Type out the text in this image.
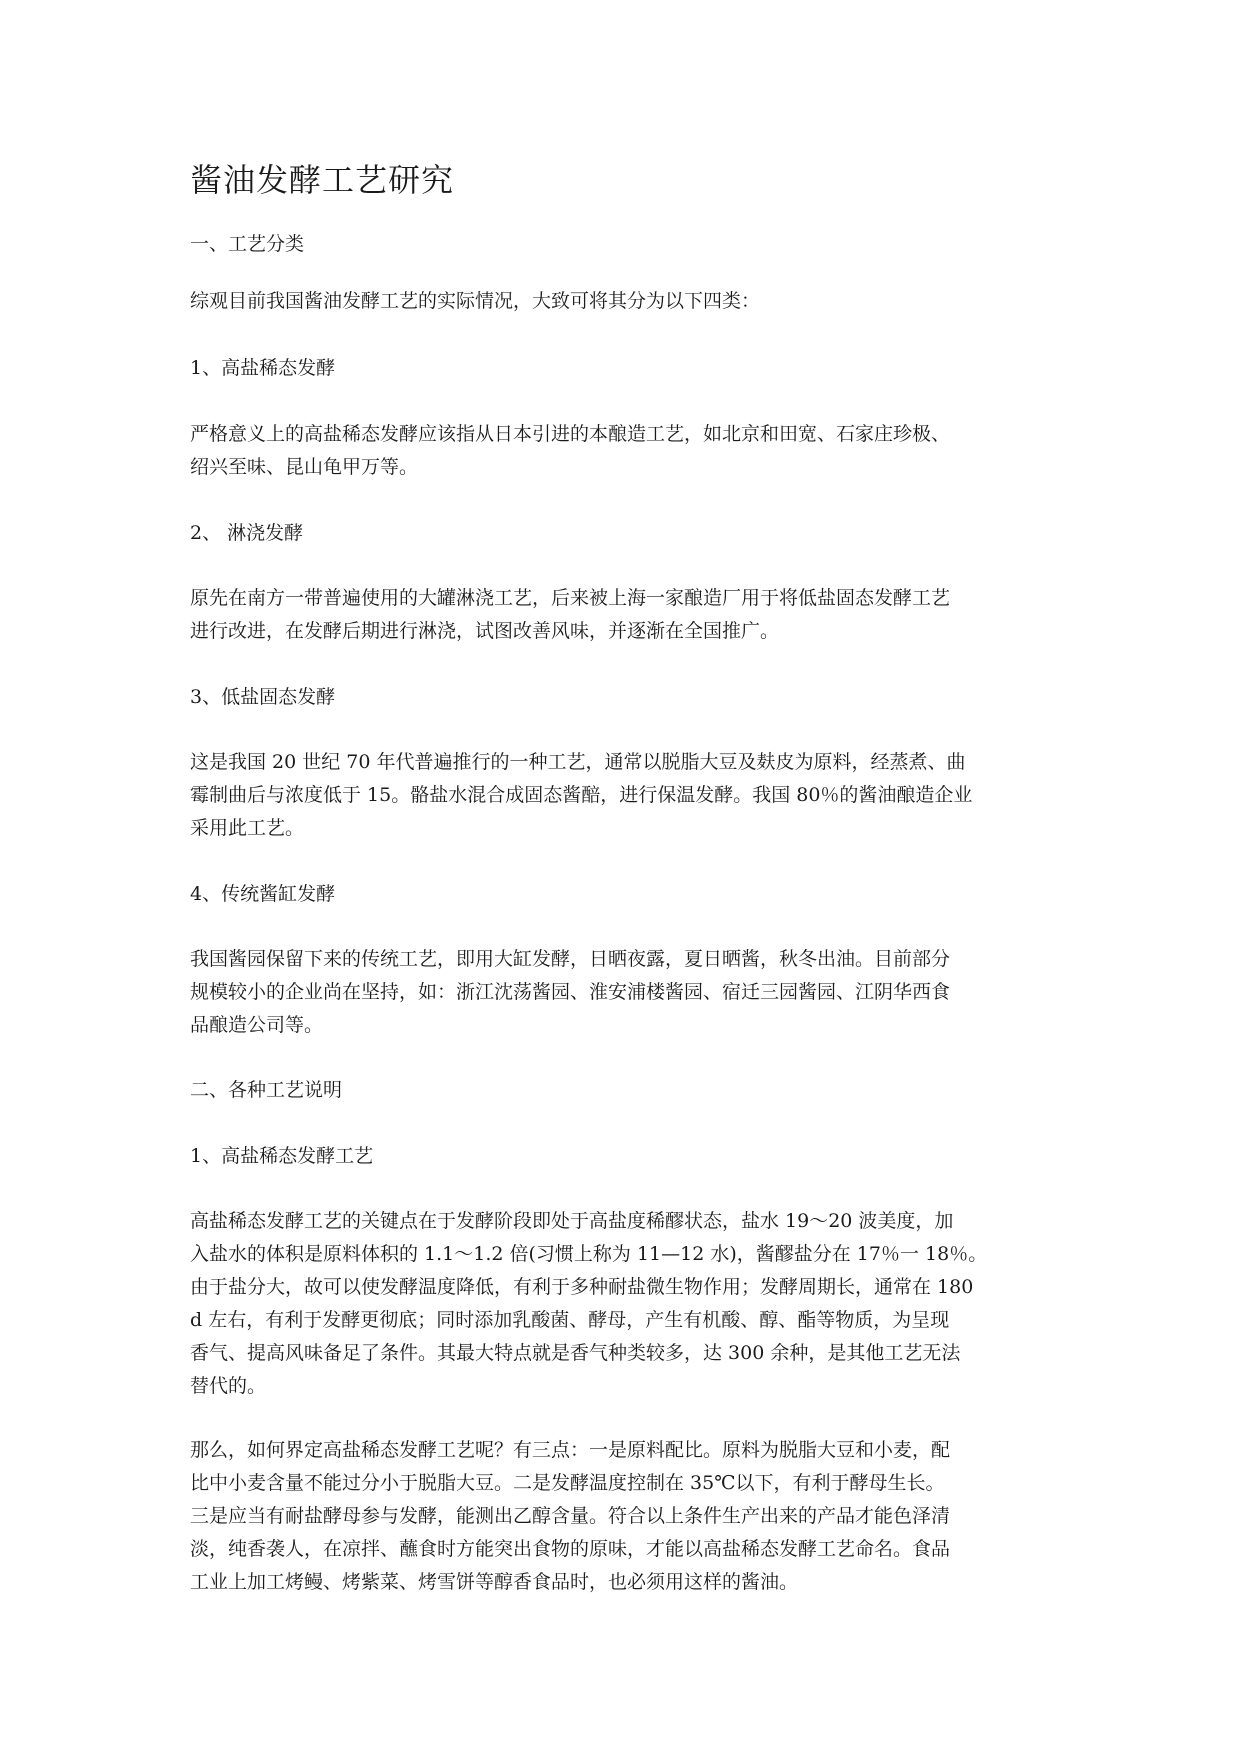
酱油发酵工艺研究
一、工艺分类
综观目前我国酱油发酵工艺的实际情况，大致可将其分为以下四类：
1、高盐稀态发酵
严格意义上的高盐稀态发酵应该指从日本引进的本酿造工艺，如北京和田宽、石家庄珍极、
绍兴至味、昆山龟甲万等。
2、 淋浇发酵
原先在南方一带普遍使用的大罐淋浇工艺，后来被上海一家酿造厂用于将低盐固态发酵工艺
进行改进，在发酵后期进行淋浇，试图改善风味，并逐渐在全国推广。
3、低盐固态发酵
这是我国 20 世纪 70 年代普遍推行的一种工艺，通常以脱脂大豆及麸皮为原料，经蒸煮、曲
霉制曲后与浓度低于 15。骼盐水混合成固态酱醅，进行保温发酵。我国 80％的酱油酿造企业
采用此工艺。
4、传统酱缸发酵
我国酱园保留下来的传统工艺，即用大缸发酵，日晒夜露，夏日晒酱，秋冬出油。目前部分
规模较小的企业尚在坚持，如：浙江沈荡酱园、淮安浦楼酱园、宿迁三园酱园、江阴华西食
品酿造公司等。
二、各种工艺说明
1、高盐稀态发酵工艺
高盐稀态发酵工艺的关键点在于发酵阶段即处于高盐度稀醪状态，盐水 19～20 波美度，加
入盐水的体积是原料体积的 1.1～1.2 倍(习惯上称为 11—12 水)，酱醪盐分在 17％一 18％。
由于盐分大，故可以使发酵温度降低，有利于多种耐盐微生物作用；发酵周期长，通常在 180
d 左右，有利于发酵更彻底；同时添加乳酸菌、酵母，产生有机酸、醇、酯等物质，为呈现
香气、提高风味备足了条件。其最大特点就是香气种类较多，达 300 余种，是其他工艺无法
替代的。
那么，如何界定高盐稀态发酵工艺呢？有三点：一是原料配比。原料为脱脂大豆和小麦，配
比中小麦含量不能过分小于脱脂大豆。二是发酵温度控制在 35℃以下，有利于酵母生长。
三是应当有耐盐酵母参与发酵，能测出乙醇含量。符合以上条件生产出来的产品才能色泽清
淡，纯香袭人，在凉拌、蘸食时方能突出食物的原味，才能以高盐稀态发酵工艺命名。食品
工业上加工烤鳗、烤紫菜、烤雪饼等醇香食品时，也必须用这样的酱油。
